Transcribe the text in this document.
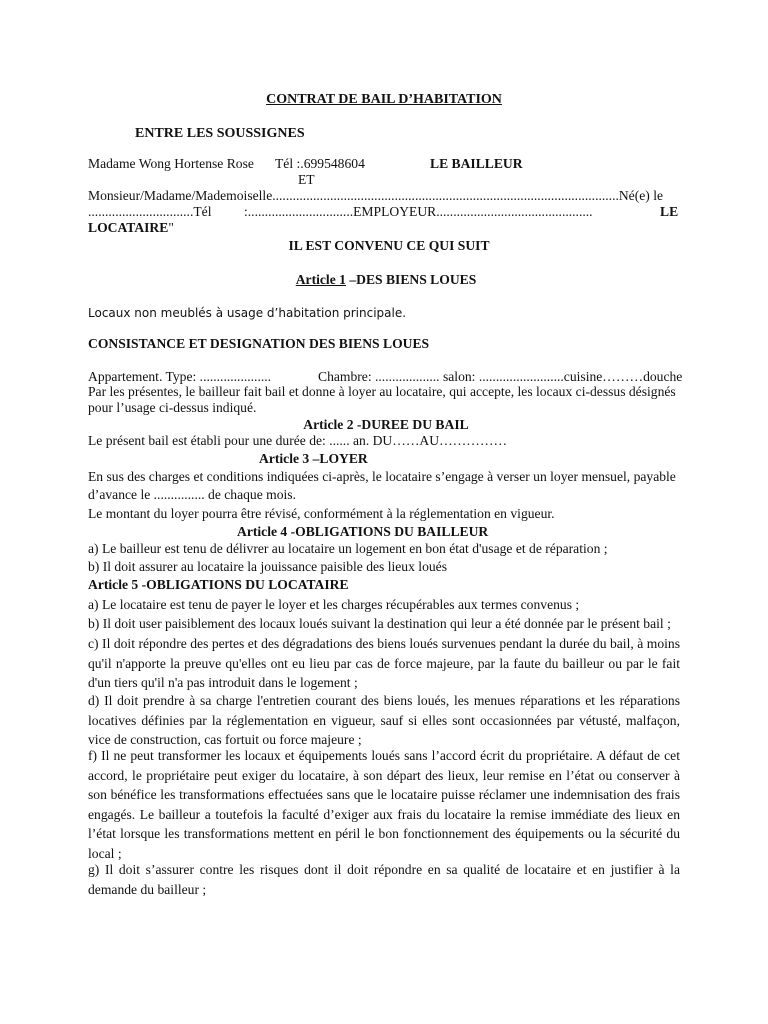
CONTRAT DE BAIL D’HABITATION
ENTRE LES SOUSSIGNES
Madame Wong Hortense Rose Tél :.699548604	LE BAILLEUR
ET
Monsieur/Madame/Mademoiselle......................................................................................................Né(e) le
...............................Tél :...............................EMPLOYEUR..............................................	LE
LOCATAIRE"
IL EST CONVENU CE QUI SUIT
Article 1 –DES BIENS LOUES
Locaux non meublés à usage d’habitation principale.
CONSISTANCE ET DESIGNATION DES BIENS LOUES
Appartement. Type: .....................	Chambre: ................... salon: .........................cuisine………douche
Par les présentes, le bailleur fait bail et donne à loyer au locataire, qui accepte, les locaux ci-dessus désignés
pour l’usage ci-dessus indiqué.
Article 2 -DUREE DU BAIL
Le présent bail est établi pour une durée de: ...... an. DU……AU……………
Article 3 –LOYER
En sus des charges et conditions indiquées ci-après, le locataire s’engage à verser un loyer mensuel, payable
d’avance le ............... de chaque mois.
Le montant du loyer pourra être révisé, conformément à la réglementation en vigueur.
Article 4 -OBLIGATIONS DU BAILLEUR
a) Le bailleur est tenu de délivrer au locataire un logement en bon état d'usage et de réparation ;
b) Il doit assurer au locataire la jouissance paisible des lieux loués
Article 5 -OBLIGATIONS DU LOCATAIRE
a) Le locataire est tenu de payer le loyer et les charges récupérables aux termes convenus ;
b) Il doit user paisiblement des locaux loués suivant la destination qui leur a été donnée par le présent bail ;
c) Il doit répondre des pertes et des dégradations des biens loués survenues pendant la durée du bail, à moins qu'il n'apporte la preuve qu'elles ont eu lieu par cas de force majeure, par la faute du bailleur ou par le fait d'un tiers qu'il n'a pas introduit dans le logement ;
d) Il doit prendre à sa charge l'entretien courant des biens loués, les menues réparations et les réparations locatives définies par la réglementation en vigueur, sauf si elles sont occasionnées par vétusté, malfaçon, vice de construction, cas fortuit ou force majeure ;
f) Il ne peut transformer les locaux et équipements loués sans l’accord écrit du propriétaire. A défaut de cet accord, le propriétaire peut exiger du locataire, à son départ des lieux, leur remise en l’état ou conserver à son bénéfice les transformations effectuées sans que le locataire puisse réclamer une indemnisation des frais engagés. Le bailleur a toutefois la faculté d’exiger aux frais du locataire la remise immédiate des lieux en l’état lorsque les transformations mettent en péril le bon fonctionnement des équipements ou la sécurité du local ;
g) Il doit s’assurer contre les risques dont il doit répondre en sa qualité de locataire et en justifier à la demande du bailleur ;
